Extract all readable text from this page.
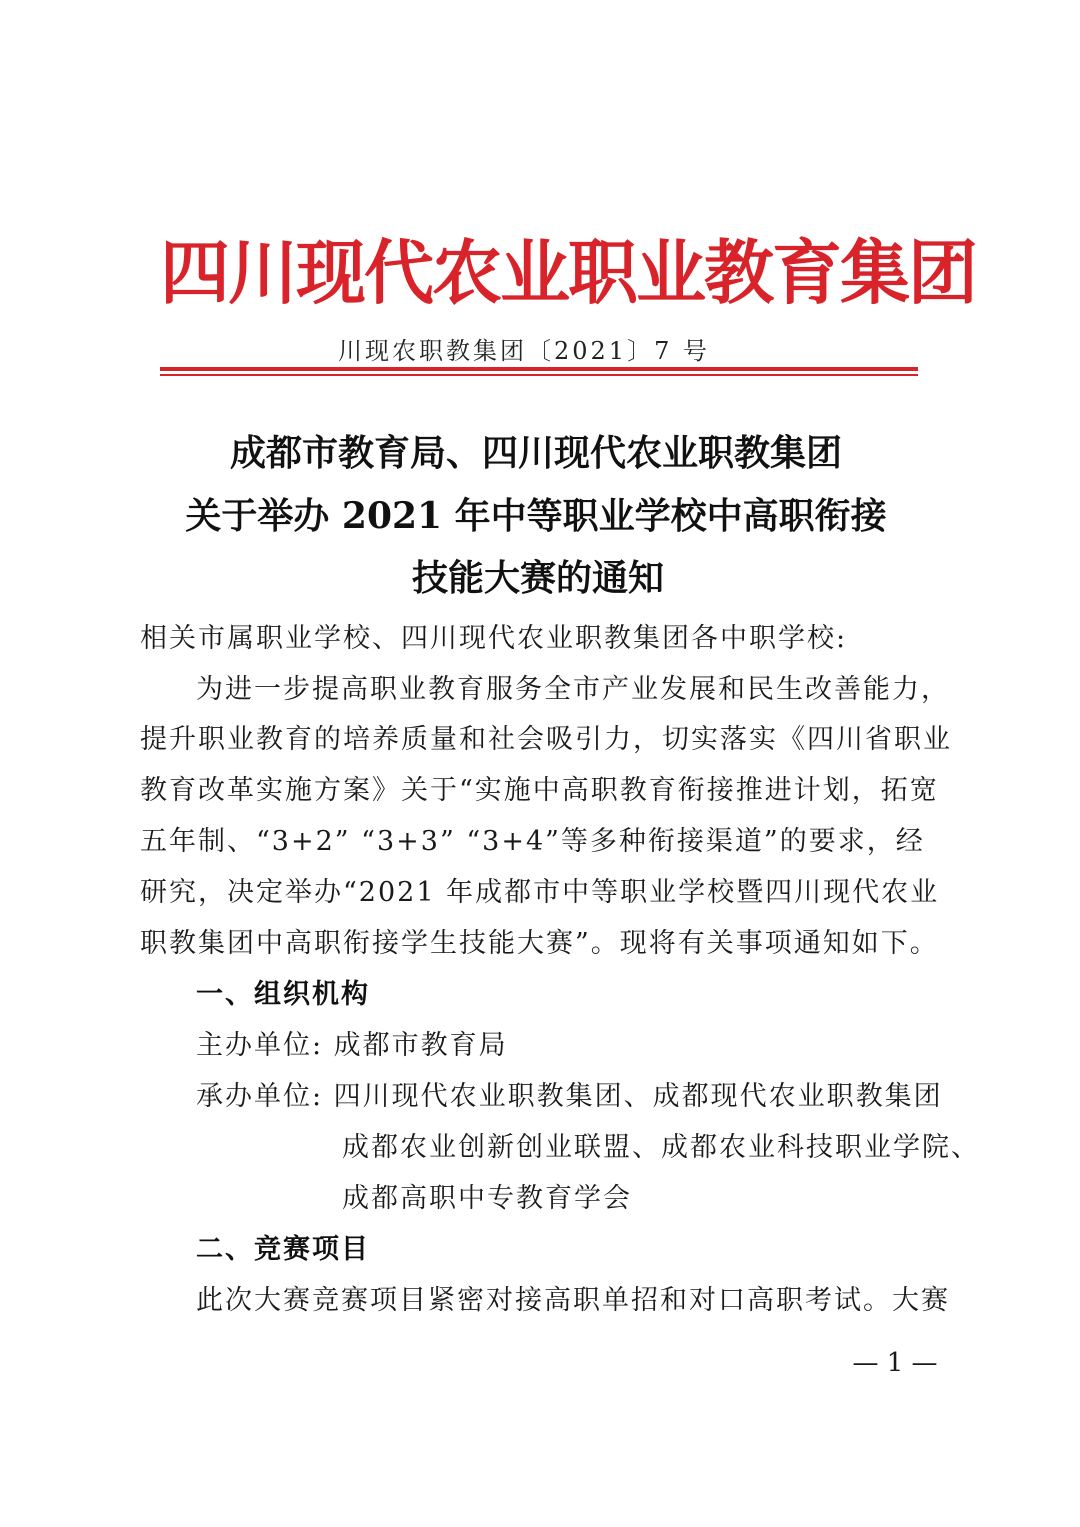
四川现代农业职业教育集团
川现农职教集团〔2021〕7 号
成都市教育局、四川现代农业职教集团
关于举办 2021 年中等职业学校中高职衔接
技能大赛的通知
相关市属职业学校、四川现代农业职教集团各中职学校:
为进一步提高职业教育服务全市产业发展和民生改善能力，
提升职业教育的培养质量和社会吸引力，切实落实《四川省职业
教育改革实施方案》关于“实施中高职教育衔接推进计划，拓宽
五年制、“3+2” “3+3” “3+4”等多种衔接渠道”的要求，经
研究，决定举办“2021 年成都市中等职业学校暨四川现代农业
职教集团中高职衔接学生技能大赛”。现将有关事项通知如下。
一、组织机构
主办单位: 成都市教育局
承办单位: 四川现代农业职教集团、成都现代农业职教集团
成都农业创新创业联盟、成都农业科技职业学院、
成都高职中专教育学会
二、竞赛项目
此次大赛竞赛项目紧密对接高职单招和对口高职考试。大赛
— 1 —
